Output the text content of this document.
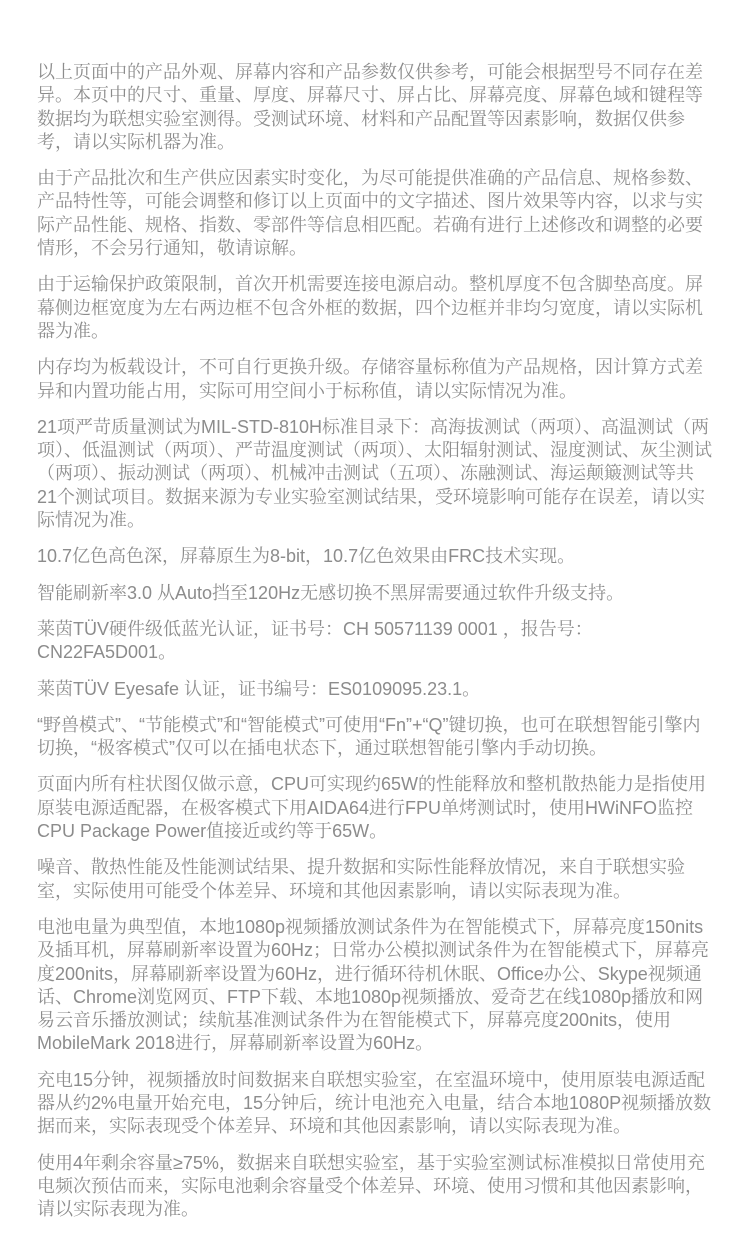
以上页面中的产品外观、屏幕内容和产品参数仅供参考，可能会根据型号不同存在差异。本页中的尺寸、重量、厚度、屏幕尺寸、屏占比、屏幕亮度、屏幕色域和键程等数据均为联想实验室测得。受测试环境、材料和产品配置等因素影响，数据仅供参考，请以实际机器为准。

由于产品批次和生产供应因素实时变化，为尽可能提供准确的产品信息、规格参数、产品特性等，可能会调整和修订以上页面中的文字描述、图片效果等内容，以求与实际产品性能、规格、指数、零部件等信息相匹配。若确有进行上述修改和调整的必要情形，不会另行通知，敬请谅解。

由于运输保护政策限制，首次开机需要连接电源启动。整机厚度不包含脚垫高度。屏幕侧边框宽度为左右两边框不包含外框的数据，四个边框并非均匀宽度，请以实际机器为准。

内存均为板载设计，不可自行更换升级。存储容量标称值为产品规格，因计算方式差异和内置功能占用，实际可用空间小于标称值，请以实际情况为准。

21项严苛质量测试为MIL-STD-810H标准目录下：高海拔测试（两项）、高温测试（两项）、低温测试（两项）、严苛温度测试（两项）、太阳辐射测试、湿度测试、灰尘测试（两项）、振动测试（两项）、机械冲击测试（五项）、冻融测试、海运颠簸测试等共21个测试项目。数据来源为专业实验室测试结果，受环境影响可能存在误差，请以实际情况为准。

10.7亿色高色深，屏幕原生为8-bit，10.7亿色效果由FRC技术实现。

智能刷新率3.0 从Auto挡至120Hz无感切换不黑屏需要通过软件升级支持。

莱茵TÜV硬件级低蓝光认证，证书号：CH 50571139 0001 ，报告号：CN22FA5D001。

莱茵TÜV Eyesafe 认证，证书编号：ES0109095.23.1。

“野兽模式”、“节能模式”和“智能模式”可使用“Fn”+“Q”键切换，也可在联想智能引擎内切换，“极客模式”仅可以在插电状态下，通过联想智能引擎内手动切换。

页面内所有柱状图仅做示意，CPU可实现约65W的性能释放和整机散热能力是指使用原装电源适配器，在极客模式下用AIDA64进行FPU单烤测试时，使用HWiNFO监控CPU Package Power值接近或约等于65W。

噪音、散热性能及性能测试结果、提升数据和实际性能释放情况，来自于联想实验室，实际使用可能受个体差异、环境和其他因素影响，请以实际表现为准。

电池电量为典型值，本地1080p视频播放测试条件为在智能模式下，屏幕亮度150nits及插耳机，屏幕刷新率设置为60Hz；日常办公模拟测试条件为在智能模式下，屏幕亮度200nits，屏幕刷新率设置为60Hz，进行循环待机休眠、Office办公、Skype视频通话、Chrome浏览网页、FTP下载、本地1080p视频播放、爱奇艺在线1080p播放和网易云音乐播放测试；续航基准测试条件为在智能模式下，屏幕亮度200nits，使用MobileMark 2018进行，屏幕刷新率设置为60Hz。

充电15分钟，视频播放时间数据来自联想实验室，在室温环境中，使用原装电源适配器从约2%电量开始充电，15分钟后，统计电池充入电量，结合本地1080P视频播放数据而来，实际表现受个体差异、环境和其他因素影响，请以实际表现为准。

使用4年剩余容量≥75%，数据来自联想实验室，基于实验室测试标准模拟日常使用充电频次预估而来，实际电池剩余容量受个体差异、环境、使用习惯和其他因素影响，请以实际表现为准。
